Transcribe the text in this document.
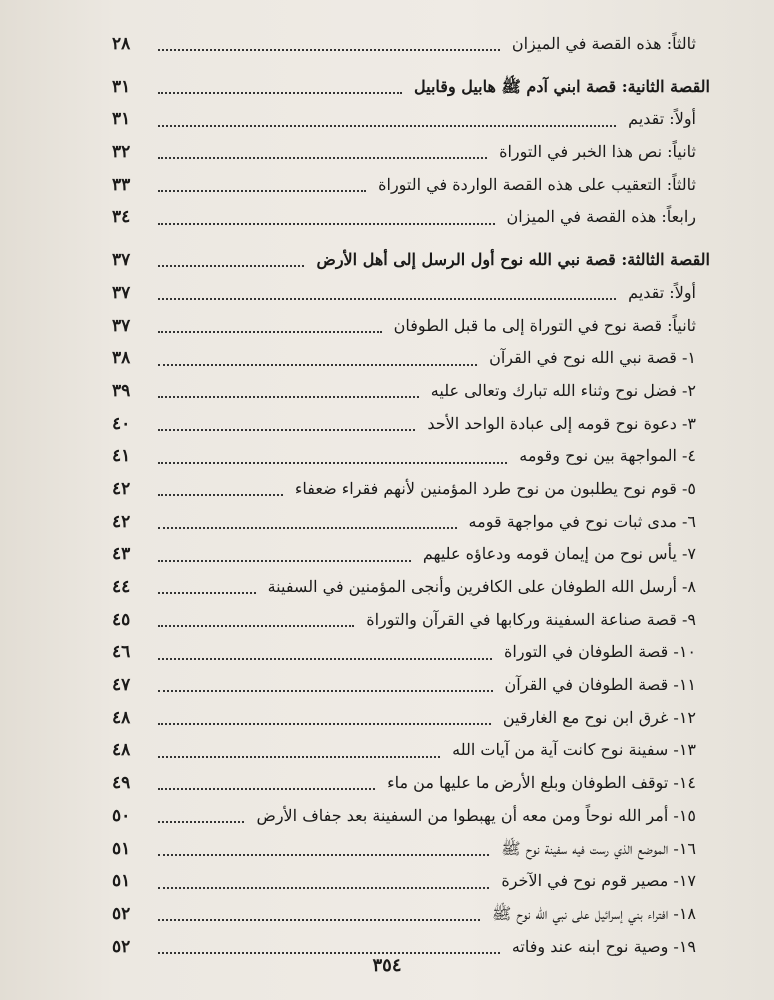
ثالثاً: هذه القصة في الميزان
٢٨
القصة الثانية: قصة ابني آدم ﷺ هابيل وقابيل
٣١
أولاً: تقديم
٣١
ثانياً: نص هذا الخبر في التوراة
٣٢
ثالثاً: التعقيب على هذه القصة الواردة في التوراة
٣٣
رابعاً: هذه القصة في الميزان
٣٤
القصة الثالثة: قصة نبي الله نوح أول الرسل إلى أهل الأرض
٣٧
أولاً: تقديم
٣٧
ثانياً: قصة نوح في التوراة إلى ما قبل الطوفان
٣٧
١- قصة نبي الله نوح في القرآن
٣٨
٢- فضل نوح وثناء الله تبارك وتعالى عليه
٣٩
٣- دعوة نوح قومه إلى عبادة الواحد الأحد
٤٠
٤- المواجهة بين نوح وقومه
٤١
٥- قوم نوح يطلبون من نوح طرد المؤمنين لأنهم فقراء ضعفاء
٤٢
٦- مدى ثبات نوح في مواجهة قومه
٤٢
٧- يأس نوح من إيمان قومه ودعاؤه عليهم
٤٣
٨- أرسل الله الطوفان على الكافرين وأنجى المؤمنين في السفينة
٤٤
٩- قصة صناعة السفينة وركابها في القرآن والتوراة
٤٥
١٠- قصة الطوفان في التوراة
٤٦
١١- قصة الطوفان في القرآن
٤٧
١٢- غرق ابن نوح مع الغارقين
٤٨
١٣- سفينة نوح كانت آية من آيات الله
٤٨
١٤- توقف الطوفان وبلع الأرض ما عليها من ماء
٤٩
١٥- أمر الله نوحاً ومن معه أن يهبطوا من السفينة بعد جفاف الأرض
٥٠
١٦- الموضع الذي رست فيه سفينة نوح ﷺ
٥١
١٧- مصير قوم نوح في الآخرة
٥١
١٨- افتراء بني إسرائيل على نبي الله نوح ﷺ
٥٢
١٩- وصية نوح ابنه عند وفاته
٥٢
٣٥٤
